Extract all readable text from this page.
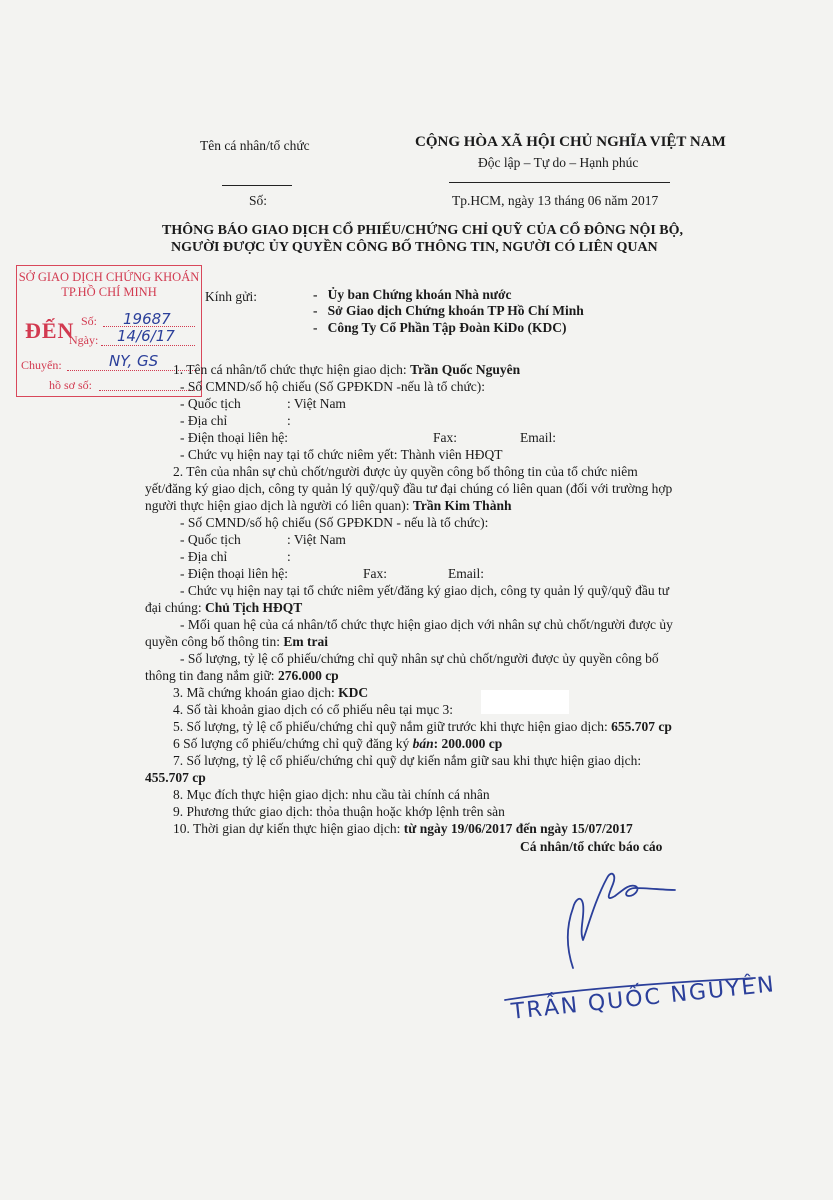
Tên cá nhân/tổ chức	CỘNG HÒA XÃ HỘI CHỦ NGHĨA VIỆT NAM
Độc lập – Tự do – Hạnh phúc
Số:	Tp.HCM, ngày 13 tháng 06 năm 2017
THÔNG BÁO GIAO DỊCH CỔ PHIẾU/CHỨNG CHỈ QUỸ CỦA CỔ ĐÔNG NỘI BỘ,
NGƯỜI ĐƯỢC ỦY QUYỀN CÔNG BỐ THÔNG TIN, NGƯỜI CÓ LIÊN QUAN
SỞ GIAO DỊCH CHỨNG KHOÁN
TP.HỒ CHÍ MINH
ĐẾN Số: 19687
Ngày: 14/6/17
Chuyển:	NY, GS
hồ sơ số:
Kính gửi:	-   Ủy ban Chứng khoán Nhà nước
-   Sở Giao dịch Chứng khoán TP Hồ Chí Minh
-   Công Ty Cổ Phần Tập Đoàn KiDo (KDC)
1. Tên cá nhân/tổ chức thực hiện giao dịch: Trần Quốc Nguyên
- Số CMND/số hộ chiếu (Số GPĐKDN -nếu là tổ chức):
- Quốc tịch	: Việt Nam
- Địa chỉ	:
- Điện thoại liên hệ:	Fax:	Email:
- Chức vụ hiện nay tại tổ chức niêm yết: Thành viên HĐQT
2. Tên của nhân sự chủ chốt/người được ủy quyền công bố thông tin của tổ chức niêm
yết/đăng ký giao dịch, công ty quản lý quỹ/quỹ đầu tư đại chúng có liên quan (đối với trường hợp
người thực hiện giao dịch là người có liên quan): Trần Kim Thành
- Số CMND/số hộ chiếu (Số GPĐKDN - nếu là tổ chức):
- Quốc tịch	: Việt Nam
- Địa chỉ	:
- Điện thoại liên hệ:	Fax:	Email:
- Chức vụ hiện nay tại tổ chức niêm yết/đăng ký giao dịch, công ty quản lý quỹ/quỹ đầu tư
đại chúng: Chủ Tịch HĐQT
- Mối quan hệ của cá nhân/tổ chức thực hiện giao dịch với nhân sự chủ chốt/người được ủy
quyền công bố thông tin: Em trai
- Số lượng, tỷ lệ cổ phiếu/chứng chỉ quỹ nhân sự chủ chốt/người được ủy quyền công bố
thông tin đang nắm giữ: 276.000 cp
3. Mã chứng khoán giao dịch: KDC
4. Số tài khoản giao dịch có cổ phiếu nêu tại mục 3:
5. Số lượng, tỷ lệ cổ phiếu/chứng chỉ quỹ nắm giữ trước khi thực hiện giao dịch: 655.707 cp
6 Số lượng cổ phiếu/chứng chỉ quỹ đăng ký bán: 200.000 cp
7. Số lượng, tỷ lệ cổ phiếu/chứng chỉ quỹ dự kiến nắm giữ sau khi thực hiện giao dịch:
455.707 cp
8. Mục đích thực hiện giao dịch: nhu cầu tài chính cá nhân
9. Phương thức giao dịch: thỏa thuận hoặc khớp lệnh trên sàn
10. Thời gian dự kiến thực hiện giao dịch: từ ngày 19/06/2017 đến ngày 15/07/2017
Cá nhân/tổ chức báo cáo
TRẦN QUỐC NGUYÊN
